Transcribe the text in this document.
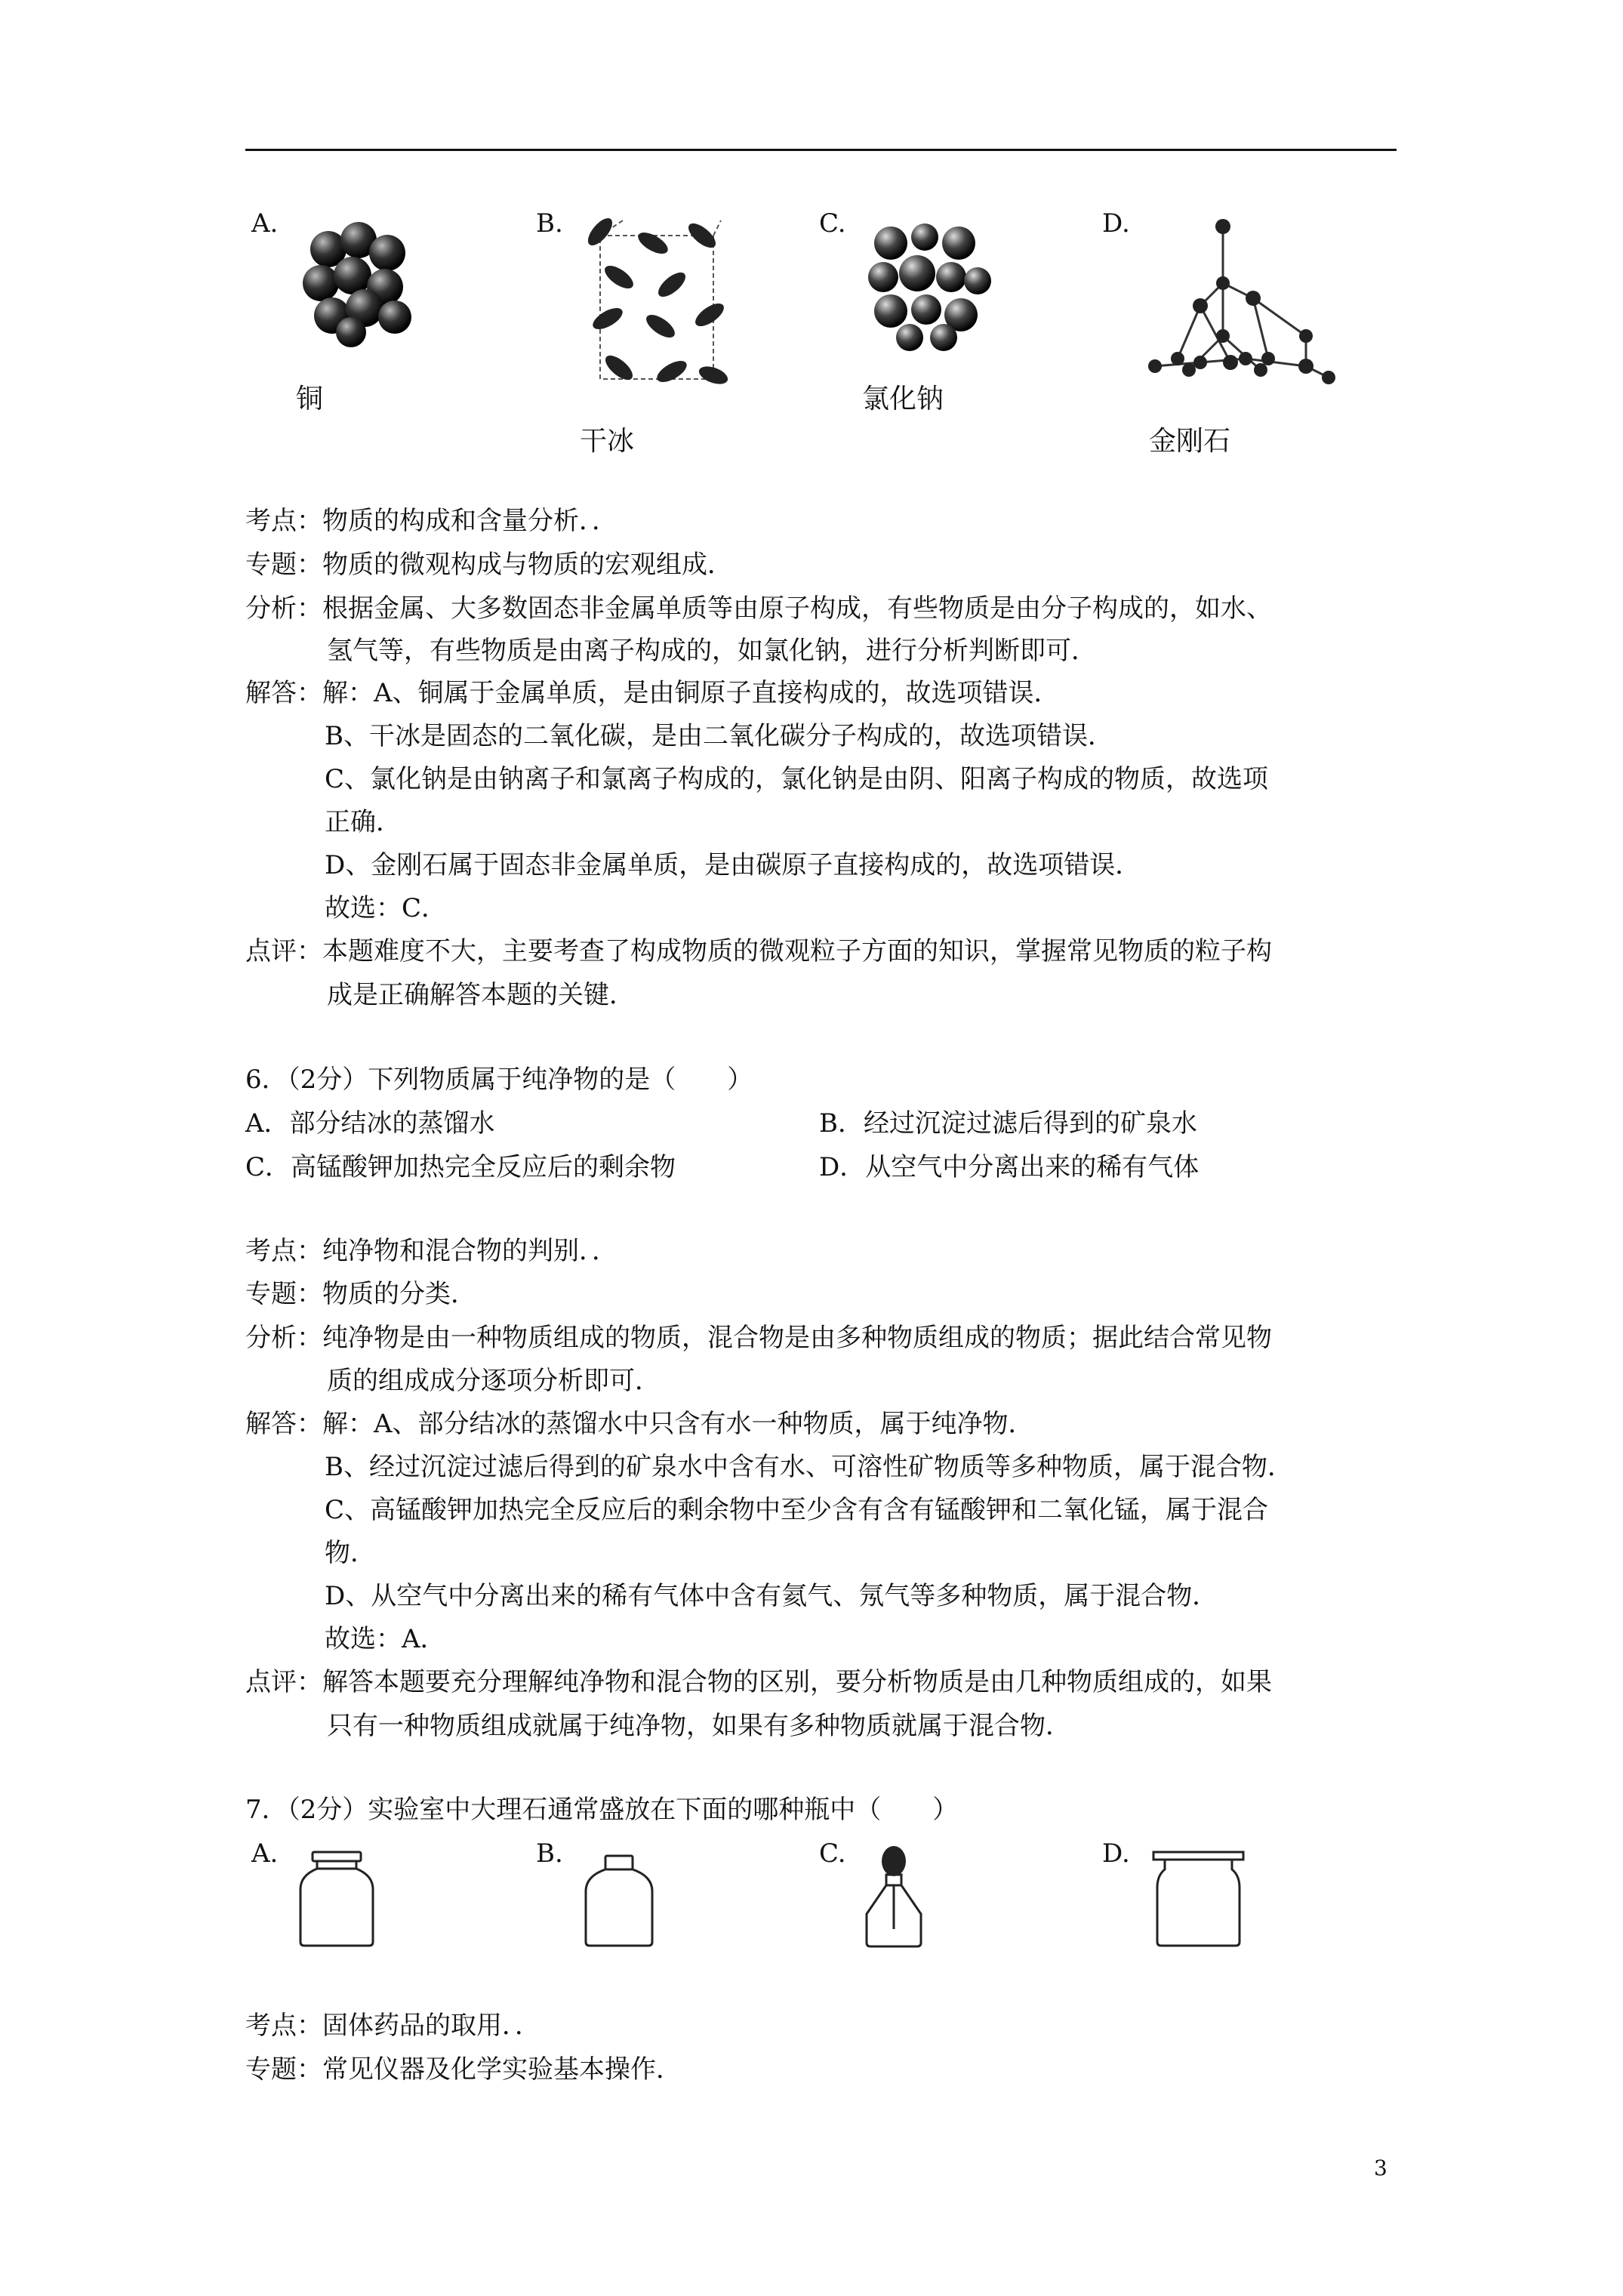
A.
铜
B.
干冰
C.
氯化钠
D.
金刚石
考点：物质的构成和含量分析．．
专题：物质的微观构成与物质的宏观组成．
分析：根据金属、大多数固态非金属单质等由原子构成，有些物质是由分子构成的，如水、
氢气等，有些物质是由离子构成的，如氯化钠，进行分析判断即可．
解答：解：A、铜属于金属单质，是由铜原子直接构成的，故选项错误．
B、干冰是固态的二氧化碳，是由二氧化碳分子构成的，故选项错误．
C、氯化钠是由钠离子和氯离子构成的，氯化钠是由阴、阳离子构成的物质，故选项
正确．
D、金刚石属于固态非金属单质，是由碳原子直接构成的，故选项错误．
故选：C．
点评：本题难度不大，主要考查了构成物质的微观粒子方面的知识，掌握常见物质的粒子构
成是正确解答本题的关键．
6．（2分）下列物质属于纯净物的是（　　）
A．部分结冰的蒸馏水	B．经过沉淀过滤后得到的矿泉水
C．高锰酸钾加热完全反应后的剩余物	D．从空气中分离出来的稀有气体
考点：纯净物和混合物的判别．．
专题：物质的分类．
分析：纯净物是由一种物质组成的物质，混合物是由多种物质组成的物质；据此结合常见物
质的组成成分逐项分析即可．
解答：解：A、部分结冰的蒸馏水中只含有水一种物质，属于纯净物．
B、经过沉淀过滤后得到的矿泉水中含有水、可溶性矿物质等多种物质，属于混合物．
C、高锰酸钾加热完全反应后的剩余物中至少含有含有锰酸钾和二氧化锰，属于混合
物．
D、从空气中分离出来的稀有气体中含有氦气、氖气等多种物质，属于混合物．
故选：A．
点评：解答本题要充分理解纯净物和混合物的区别，要分析物质是由几种物质组成的，如果
只有一种物质组成就属于纯净物，如果有多种物质就属于混合物．
7．（2分）实验室中大理石通常盛放在下面的哪种瓶中（　　）
A.	B.	C.	D.
考点：固体药品的取用．．
专题：常见仪器及化学实验基本操作．
3
